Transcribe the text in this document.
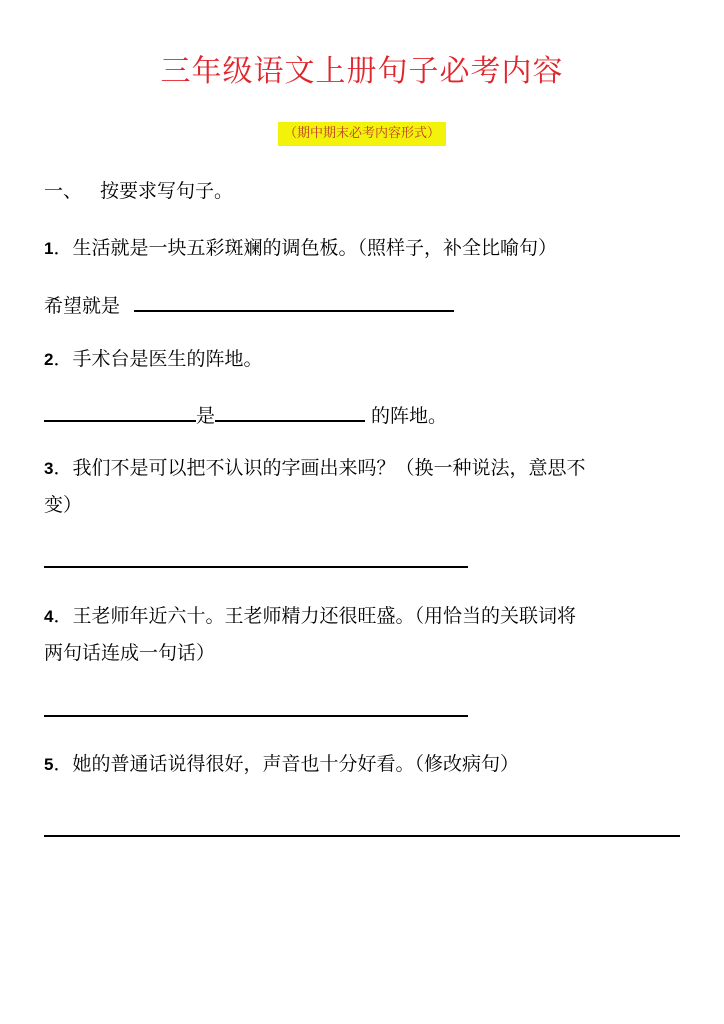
三年级语文上册句子必考内容
（期中期末必考内容形式）
一、 按要求写句子。
1．生活就是一块五彩斑斓的调色板。（照样子，补全比喻句）
希望就是
2．手术台是医生的阵地。
是	的阵地。
3．我们不是可以把不认识的字画出来吗？（换一种说法，意思不
变）
4．王老师年近六十。王老师精力还很旺盛。（用恰当的关联词将
两句话连成一句话）
5．她的普通话说得很好，声音也十分好看。（修改病句）
